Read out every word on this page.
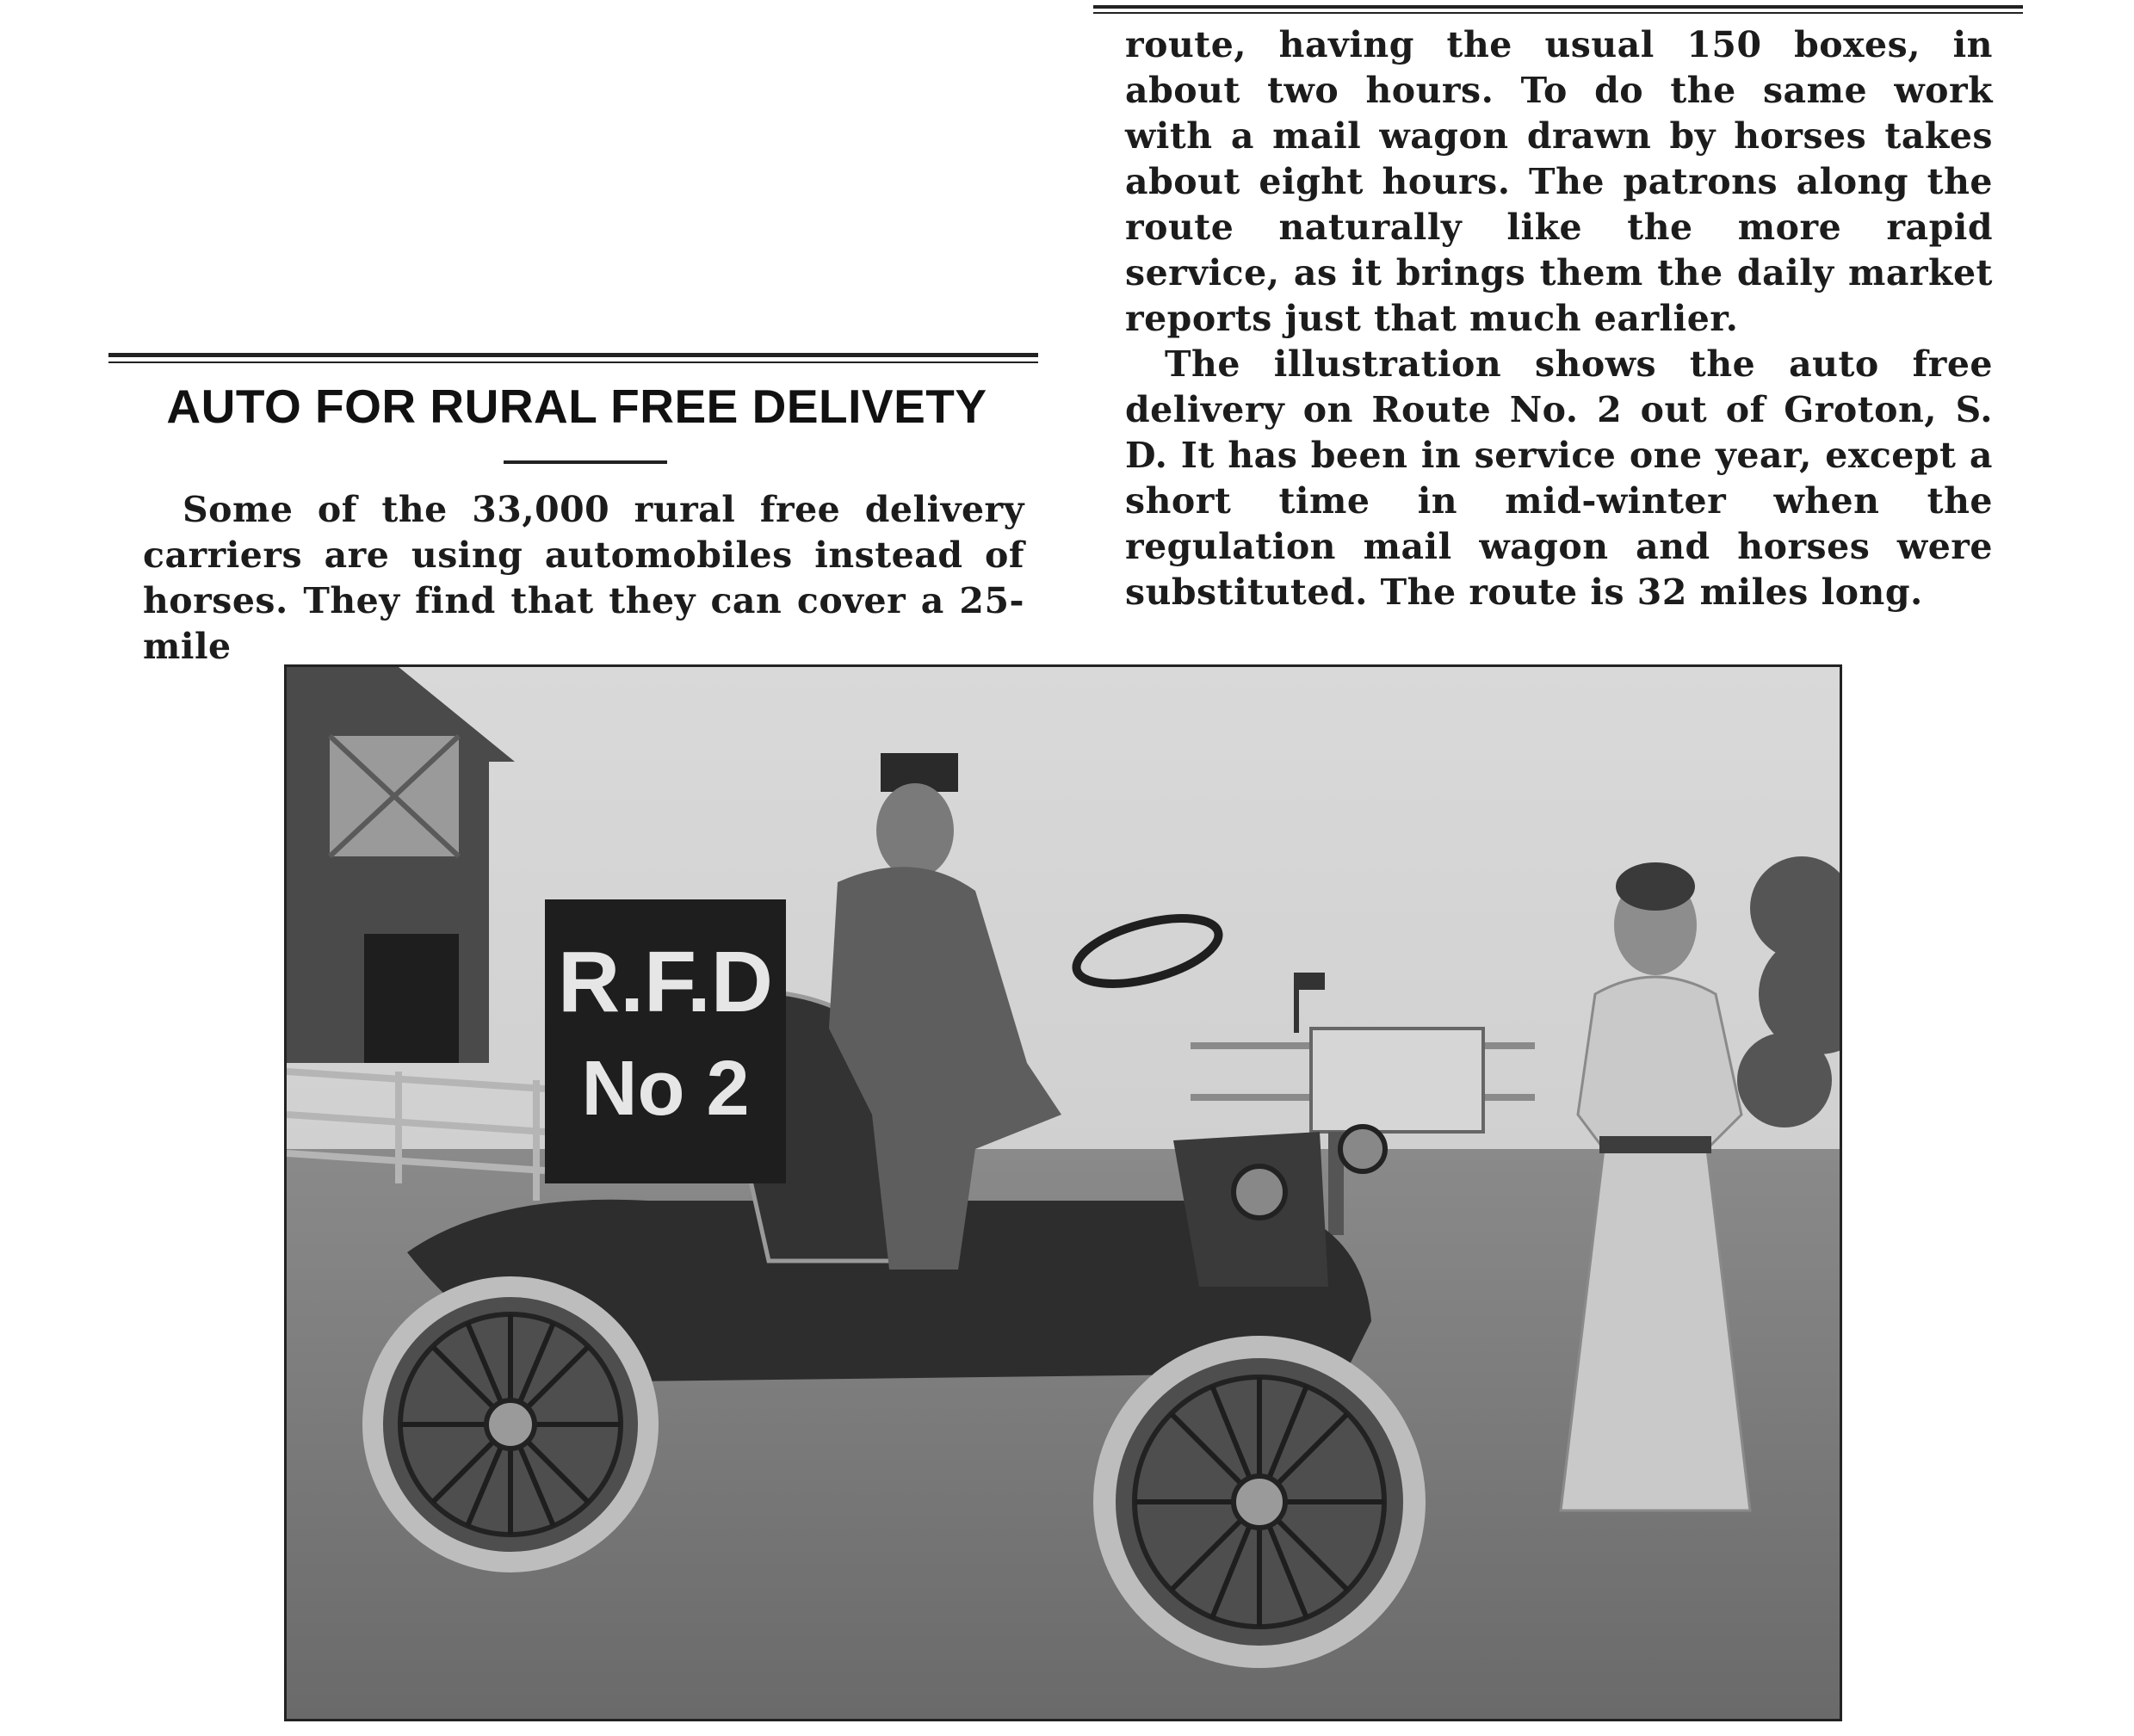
route, having the usual 150 boxes, in about two hours. To do the same work with a mail wagon drawn by horses takes about eight hours. The patrons along the route naturally like the more rapid service, as it brings them the daily market reports just that much earlier.

The illustration shows the auto free delivery on Route No. 2 out of Groton, S. D. It has been in service one year, except a short time in mid-winter when the regulation mail wagon and horses were substituted. The route is 32 miles long.

AUTO FOR RURAL FREE DELIVETY

Some of the 33,000 rural free delivery carriers are using automobiles instead of horses. They find that they can cover a 25-mile

R.F.D
No 2
